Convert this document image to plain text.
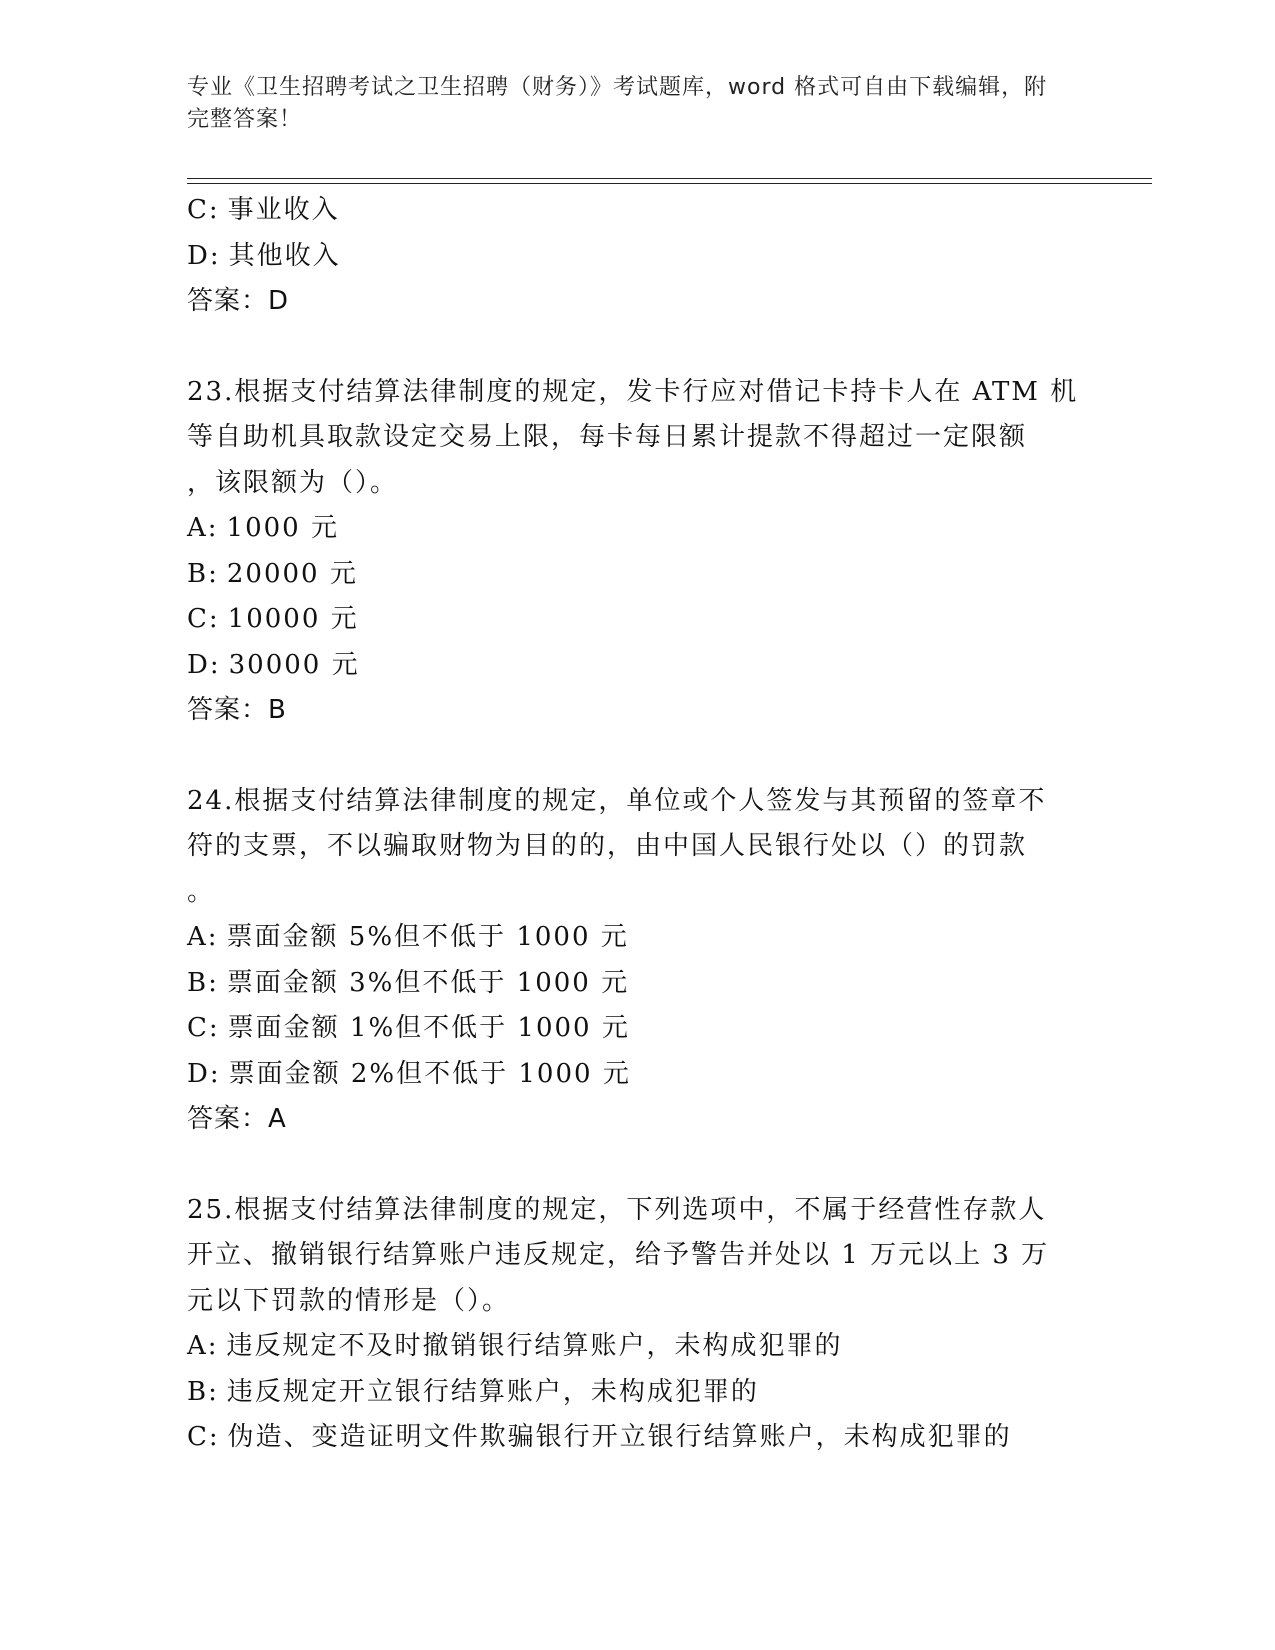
专业《卫生招聘考试之卫生招聘（财务）》考试题库，word 格式可自由下载编辑，附完整答案！
C: 事业收入
D: 其他收入
答案：D
23.根据支付结算法律制度的规定，发卡行应对借记卡持卡人在 ATM 机
等自助机具取款设定交易上限，每卡每日累计提款不得超过一定限额
，该限额为（）。
A: 1000 元
B: 20000 元
C: 10000 元
D: 30000 元
答案：B
24.根据支付结算法律制度的规定，单位或个人签发与其预留的签章不
符的支票，不以骗取财物为目的的，由中国人民银行处以（）的罚款
。
A: 票面金额 5%但不低于 1000 元
B: 票面金额 3%但不低于 1000 元
C: 票面金额 1%但不低于 1000 元
D: 票面金额 2%但不低于 1000 元
答案：A
25.根据支付结算法律制度的规定，下列选项中，不属于经营性存款人
开立、撤销银行结算账户违反规定，给予警告并处以 1 万元以上 3 万
元以下罚款的情形是（）。
A: 违反规定不及时撤销银行结算账户，未构成犯罪的
B: 违反规定开立银行结算账户，未构成犯罪的
C: 伪造、变造证明文件欺骗银行开立银行结算账户，未构成犯罪的
